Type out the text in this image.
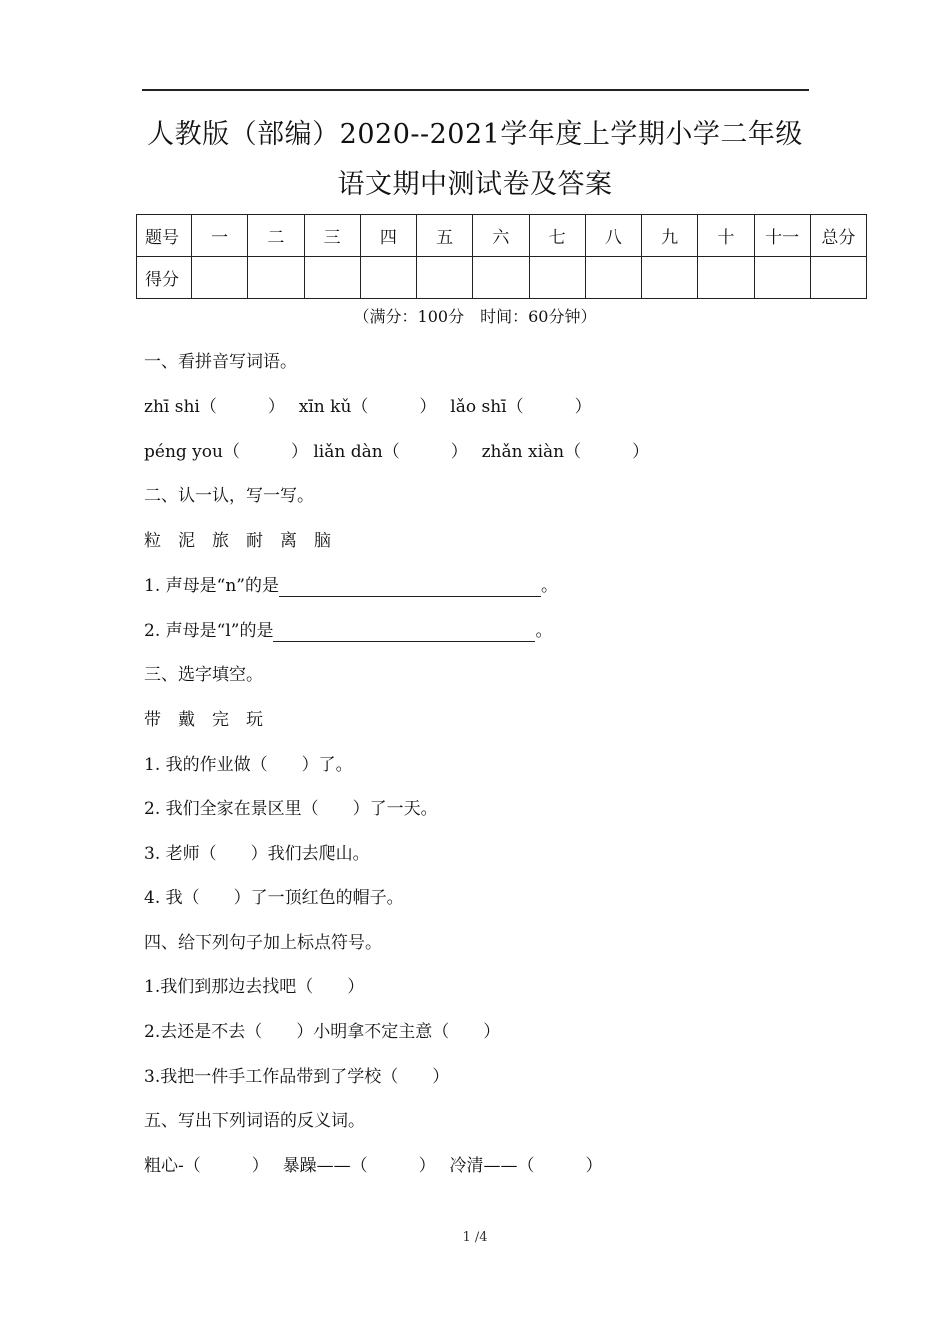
人教版（部编）2020--2021学年度上学期小学二年级
语文期中测试卷及答案
题号	一	二	三	四	五	六	七	八	九	十	十一	总分
得分												
（满分：100分　时间：60分钟）
一、看拼音写词语。
zhī shi（　　　）　 xīn kǔ（　　　）　 lǎo shī（　　　）
péng you（　　　） liǎn dàn（　　　）　 zhǎn xiàn（　　　）
二、认一认，写一写。
粒　泥　旅　耐　离　脑
1. 声母是“n”的是	。
2. 声母是“l”的是	。
三、选字填空。
带　戴　完　玩
1. 我的作业做（　　）了。
2. 我们全家在景区里（　　）了一天。
3. 老师（　　）我们去爬山。
4. 我（　　）了一顶红色的帽子。
四、给下列句子加上标点符号。
1.我们到那边去找吧（　　）
2.去还是不去（　　）小明拿不定主意（　　）
3.我把一件手工作品带到了学校（　　）
五、写出下列词语的反义词。
粗心-（　　　）　 暴躁——（　　　）　 冷清——（　　　）
1 /4
